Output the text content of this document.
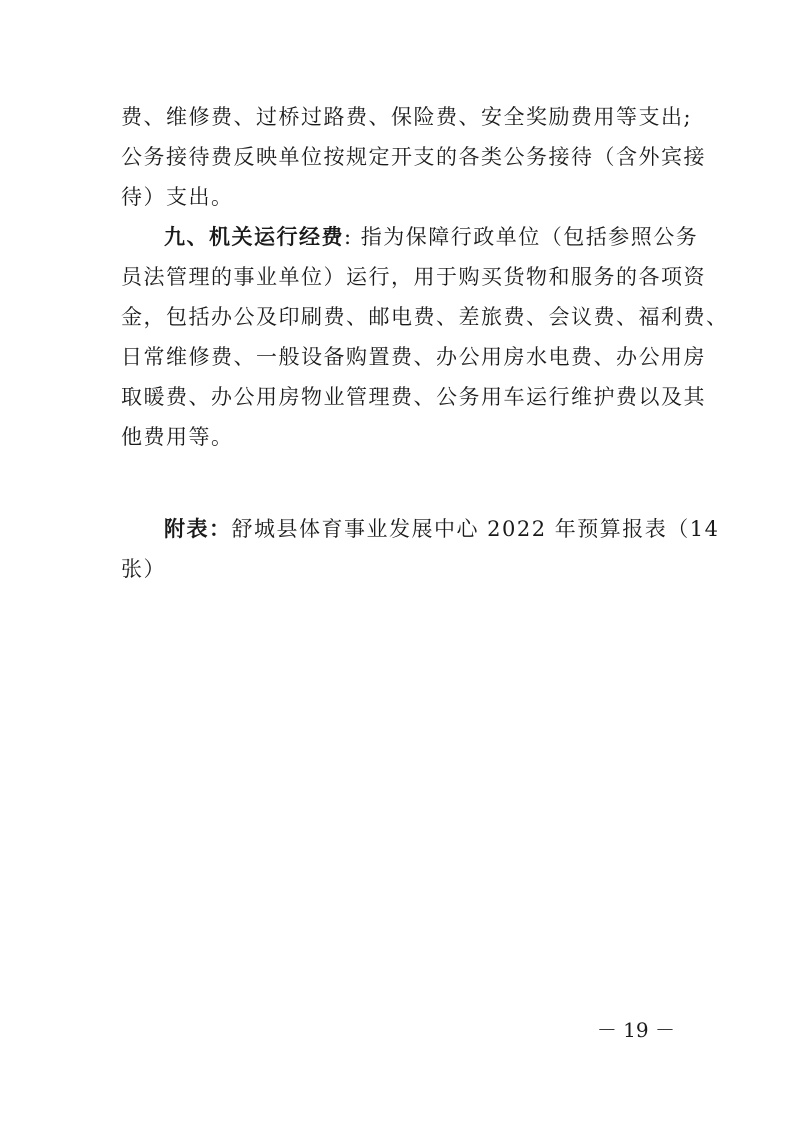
费、维修费、过桥过路费、保险费、安全奖励费用等支出;
公务接待费反映单位按规定开支的各类公务接待（含外宾接
待）支出。
九、机关运行经费: 指为保障行政单位（包括参照公务
员法管理的事业单位）运行，用于购买货物和服务的各项资
金，包括办公及印刷费、邮电费、差旅费、会议费、福利费、
日常维修费、一般设备购置费、办公用房水电费、办公用房
取暖费、办公用房物业管理费、公务用车运行维护费以及其
他费用等。
附表：舒城县体育事业发展中心 2022 年预算报表（14
张）
－ 19 －
